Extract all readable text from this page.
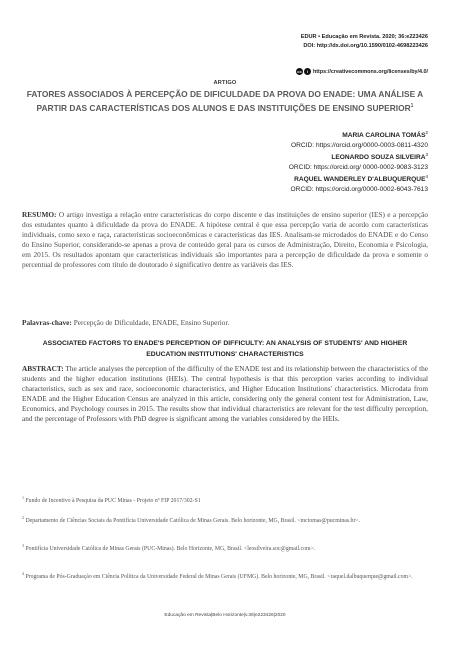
EDUR • Educação em Revista. 2020; 36:e223426
DOI: http://dx.doi.org/10.1590/0102-4698223426
cc	i https://creativecommons.org/licenses/by/4.0/
ARTIGO
FATORES ASSOCIADOS À PERCEPÇÃO DE DIFICULDADE DA PROVA DO ENADE: UMA ANÁLISE A PARTIR DAS CARACTERÍSTICAS DOS ALUNOS E DAS INSTITUIÇÕES DE ENSINO SUPERIOR$^1$
MARIA CAROLINA TOMÁS$^2$
ORCID: https://orcid.org/0000-0003-0811-4320
LEONARDO SOUZA SILVEIRA$^3$
ORCID: https://orcid.org/ 0000-0002-9083-3123
RAQUEL WANDERLEY D'ALBUQUERQUE$^4$
ORCID: https://orcid.org/0000-0002-6043-7613
RESUMO: O artigo investiga a relação entre características do corpo discente e das instituições de ensino superior (IES) e a percepção dos estudantes quanto à dificuldade da prova do ENADE. A hipótese central é que essa percepção varia de acordo com características individuais, como sexo e raça, características socioeconômicas e características das IES. Analisam-se microdados do ENADE e do Censo do Ensino Superior, considerando-se apenas a prova de conteúdo geral para os cursos de Administração, Direito, Economia e Psicologia, em 2015. Os resultados apontam que características individuais são importantes para a percepção de dificuldade da prova e somente o percentual de professores com título de doutorado é significativo dentre as variáveis das IES.
Palavras-chave: Percepção de Dificuldade, ENADE, Ensino Superior.
ASSOCIATED FACTORS TO ENADE'S PERCEPTION OF DIFFICULTY: AN ANALYSIS OF STUDENTS' AND HIGHER EDUCATION INSTITUTIONS' CHARACTERISTICS
ABSTRACT: The article analyses the perception of the difficulty of the ENADE test and its relationship between the characteristics of the students and the higher education institutions (HEIs). The central hypothesis is that this perception varies according to individual characteristics, such as sex and race, socioeconomic characteristics, and Higher Education Institutions' characteristics. Microdata from ENADE and the Higher Education Census are analyzed in this article, considering only the general content test for Administration, Law, Economics, and Psychology courses in 2015. The results show that individual characteristics are relevant for the test difficulty perception, and the percentage of Professors with PhD degree is significant among the variables considered by the HEIs.
$^1$ Fundo de Incentivo à Pesquisa da PUC Minas - Projeto nº FIP 2017/302-S1
$^2$ Departamento de Ciências Sociais da Pontifícia Universidade Católica de Minas Gerais. Belo horizonte, MG, Brasil. <mctomas@pucminas.br>.
$^3$ Pontifícia Universidade Católica de Minas Gerais (PUC-Minas). Belo Horizonte, MG, Brasil. <leosilveira.soc@gmail.com>.
$^4$ Programa de Pós-Graduação em Ciência Política da Universidade Federal de Minas Gerais (UFMG). Belo horizonte, MG, Brasil. <raquel.dalbuquerque@gmail.com>.
Educação em Revista|Belo Horizonte|v.36|e223426|2020
